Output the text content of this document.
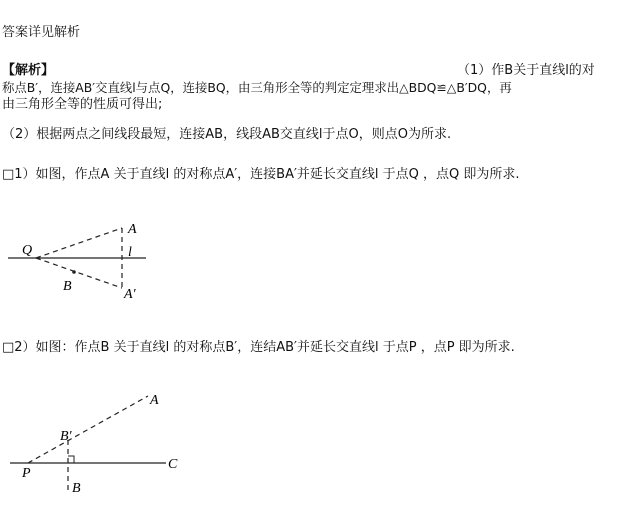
答案详见解析
【解析】	（1）作B关于直线l的对
称点B′，连接AB′交直线l与点Q，连接BQ，由三角形全等的判定定理求出△BDQ≌△B′DQ，再
由三角形全等的性质可得出;
（2）根据两点之间线段最短，连接AB，线段AB交直线l于点O，则点O为所求.
□1）如图，作点A 关于直线l 的对称点A′，连接BA′并延长交直线l 于点Q ，点Q 即为所求.
Q
A
l
B
A′
A
B′
P
C
B
□2）如图：作点B 关于直线l 的对称点B′，连结AB′并延长交直线l 于点P ，点P 即为所求.
